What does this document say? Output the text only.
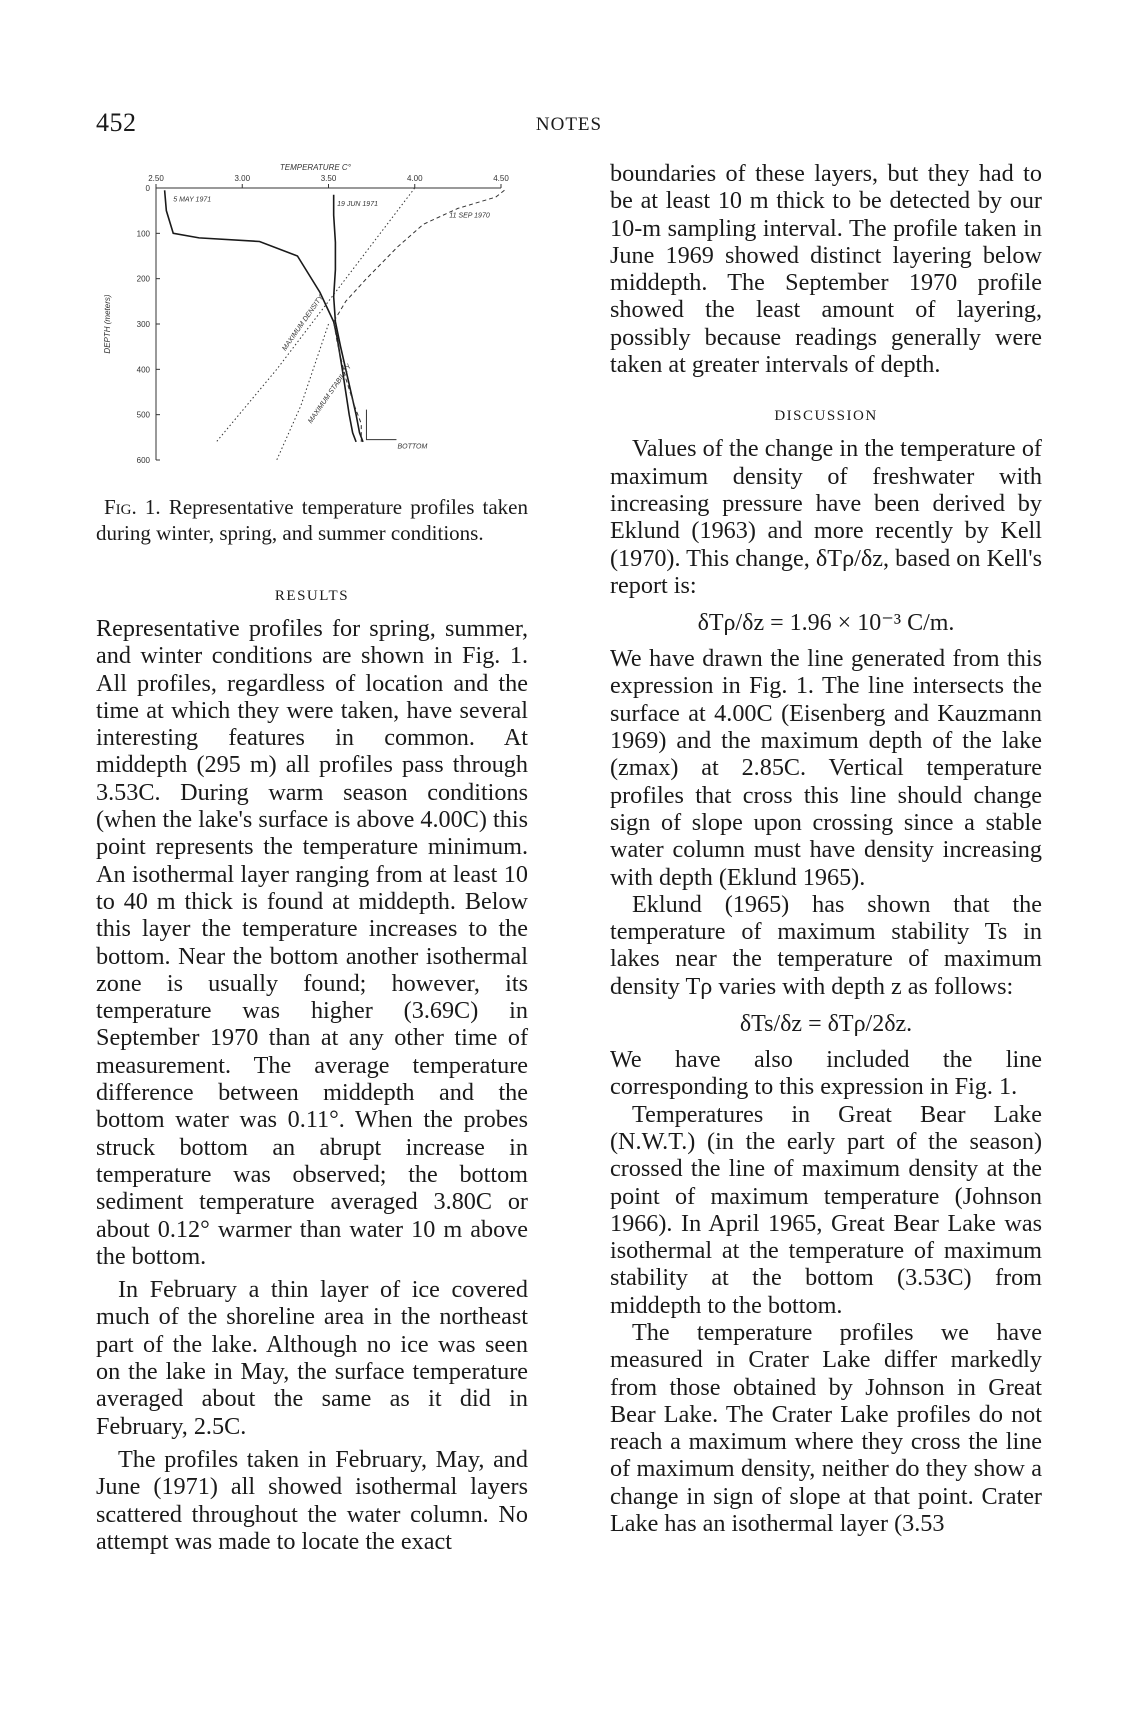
452	NOTES
2.50	3.00	3.50	4.00	4.50
0
100
200
300
400
500
600
TEMPERATURE C°
DEPTH (meters)
5 MAY 1971
19 JUN 1971
11 SEP 1970
MAXIMUM DENSITY
MAXIMUM STABILITY
BOTTOM

Fig. 1. Representative temperature profiles taken during winter, spring, and summer conditions.

RESULTS

Representative profiles for spring, summer, and winter conditions are shown in Fig. 1. All profiles, regardless of location and the time at which they were taken, have several interesting features in common. At middepth (295 m) all profiles pass through 3.53C. During warm season conditions (when the lake's surface is above 4.00C) this point represents the temperature minimum. An isothermal layer ranging from at least 10 to 40 m thick is found at middepth. Below this layer the temperature increases to the bottom. Near the bottom another isothermal zone is usually found; however, its temperature was higher (3.69C) in September 1970 than at any other time of measurement. The average temperature difference between middepth and the bottom water was 0.11°. When the probes struck bottom an abrupt increase in temperature was observed; the bottom sediment temperature averaged 3.80C or about 0.12° warmer than water 10 m above the bottom.

In February a thin layer of ice covered much of the shoreline area in the northeast part of the lake. Although no ice was seen on the lake in May, the surface temperature averaged about the same as it did in February, 2.5C.

The profiles taken in February, May, and June (1971) all showed isothermal layers scattered throughout the water column. No attempt was made to locate the exact

boundaries of these layers, but they had to be at least 10 m thick to be detected by our 10-m sampling interval. The profile taken in June 1969 showed distinct layering below middepth. The September 1970 profile showed the least amount of layering, possibly because readings generally were taken at greater intervals of depth.

DISCUSSION

Values of the change in the temperature of maximum density of freshwater with increasing pressure have been derived by Eklund (1963) and more recently by Kell (1970). This change, δTρ/δz, based on Kell's report is:

δTρ/δz = 1.96 × 10⁻³ C/m.

We have drawn the line generated from this expression in Fig. 1. The line intersects the surface at 4.00C (Eisenberg and Kauzmann 1969) and the maximum depth of the lake (zmax) at 2.85C. Vertical temperature profiles that cross this line should change sign of slope upon crossing since a stable water column must have density increasing with depth (Eklund 1965).

Eklund (1965) has shown that the temperature of maximum stability Ts in lakes near the temperature of maximum density Tρ varies with depth z as follows:

δTs/δz = δTρ/2δz.

We have also included the line corresponding to this expression in Fig. 1.

Temperatures in Great Bear Lake (N.W.T.) (in the early part of the season) crossed the line of maximum density at the point of maximum temperature (Johnson 1966). In April 1965, Great Bear Lake was isothermal at the temperature of maximum stability at the bottom (3.53C) from middepth to the bottom.

The temperature profiles we have measured in Crater Lake differ markedly from those obtained by Johnson in Great Bear Lake. The Crater Lake profiles do not reach a maximum where they cross the line of maximum density, neither do they show a change in sign of slope at that point. Crater Lake has an isothermal layer (3.53
